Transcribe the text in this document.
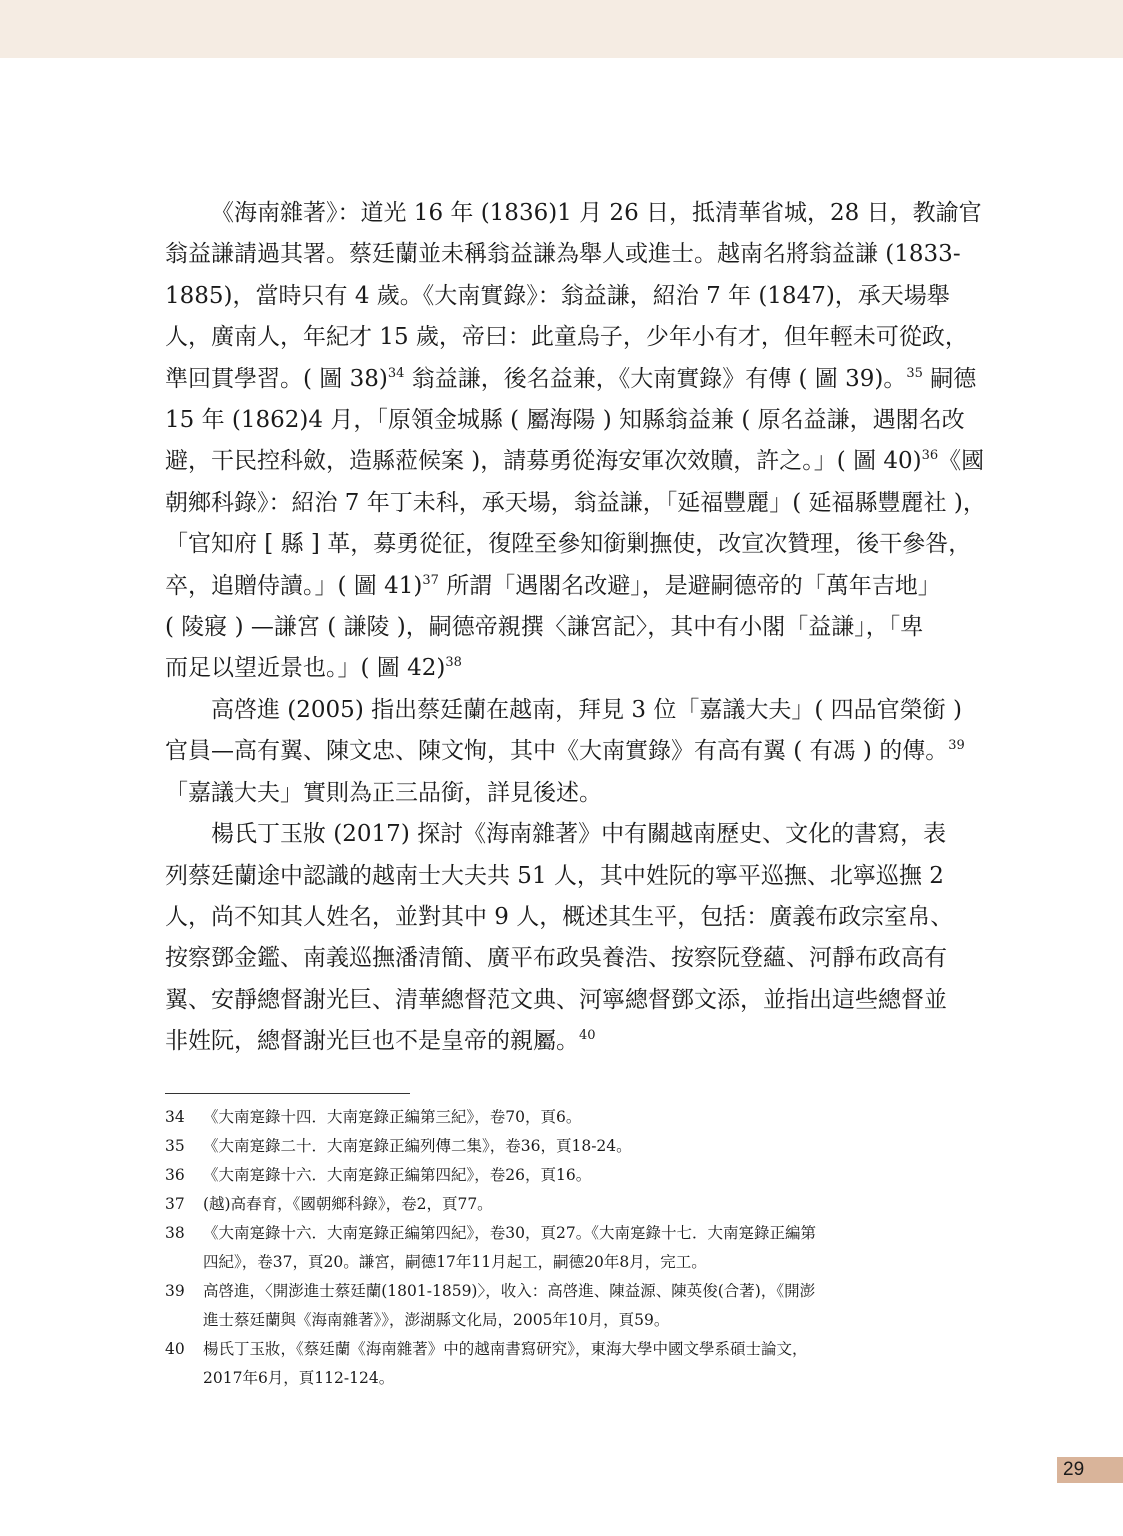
《海南雜著》：道光 16 年 (1836)1 月 26 日，抵清華省城，28 日，教諭官
翁益謙請過其署。蔡廷蘭並未稱翁益謙為舉人或進士。越南名將翁益謙 (1833-
1885)，當時只有 4 歲。《大南實錄》：翁益謙，紹治 7 年 (1847)，承天場舉
人，廣南人，年紀才 15 歲，帝曰：此童烏子，少年小有才，但年輕未可從政，
準回貫學習。( 圖 38)$^{34}$ 翁益謙，後名益兼，《大南實錄》有傳 ( 圖 39)。$^{35}$ 嗣德
15 年 (1862)4 月，「原領金城縣 ( 屬海陽 ) 知縣翁益兼 ( 原名益謙，遇閣名改
避，干民控科斂，造縣蒞候案 )，請募勇從海安軍次效贖，許之。」( 圖 40)$^{36}$《國
朝鄉科錄》：紹治 7 年丁未科，承天場，翁益謙，「延福豐麗」( 延福縣豐麗社 )，
「官知府 [ 縣 ] 革，募勇從征，復陞至參知銜剿撫使，改宣次贊理，後干參咎，
卒，追贈侍讀。」( 圖 41)$^{37}$ 所謂「遇閣名改避」，是避嗣德帝的「萬年吉地」
( 陵寢 ) —謙宮 ( 謙陵 )，嗣德帝親撰〈謙宮記〉，其中有小閣「益謙」，「卑
而足以望近景也。」( 圖 42)$^{38}$
高啓進 (2005) 指出蔡廷蘭在越南，拜見 3 位「嘉議大夫」( 四品官榮銜 )
官員—高有翼、陳文忠、陳文恂，其中《大南實錄》有高有翼 ( 有馮 ) 的傳。$^{39}$
「嘉議大夫」實則為正三品銜，詳見後述。
楊氏丁玉妝 (2017) 探討《海南雜著》中有關越南歷史、文化的書寫，表
列蔡廷蘭途中認識的越南士大夫共 51 人，其中姓阮的寧平巡撫、北寧巡撫 2
人，尚不知其人姓名，並對其中 9 人，概述其生平，包括：廣義布政宗室帛、
按察鄧金鑑、南義巡撫潘清簡、廣平布政吳養浩、按察阮登蘊、河靜布政高有
翼、安靜總督謝光巨、清華總督范文典、河寧總督鄧文添，並指出這些總督並
非姓阮，總督謝光巨也不是皇帝的親屬。$^{40}$
34 《大南寔錄十四．大南寔錄正編第三紀》，卷70，頁6。
35 《大南寔錄二十．大南寔錄正編列傳二集》，卷36，頁18-24。
36 《大南寔錄十六．大南寔錄正編第四紀》，卷26，頁16。
37 (越)高春育，《國朝鄉科錄》，卷2，頁77。
38 《大南寔錄十六．大南寔錄正編第四紀》，卷30，頁27。《大南寔錄十七．大南寔錄正編第
四紀》，卷37，頁20。謙宮，嗣德17年11月起工，嗣德20年8月，完工。
39 高啓進，〈開澎進士蔡廷蘭(1801-1859)〉，收入：高啓進、陳益源、陳英俊(合著)，《開澎
進士蔡廷蘭與《海南雜著》》，澎湖縣文化局，2005年10月，頁59。
40 楊氏丁玉妝，《蔡廷蘭《海南雜著》中的越南書寫研究》，東海大學中國文學系碩士論文，
2017年6月，頁112-124。
29
